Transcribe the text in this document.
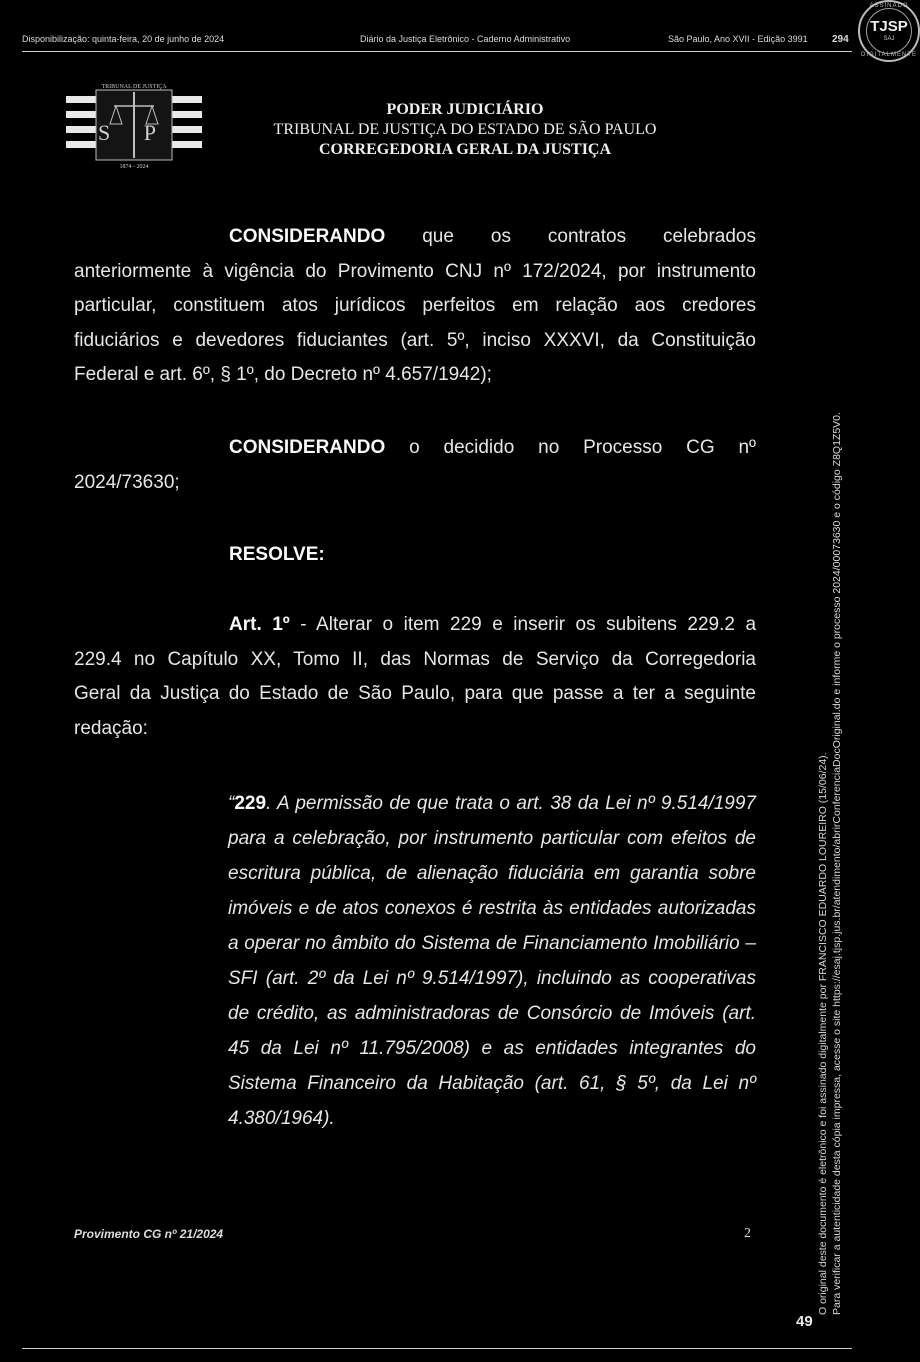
Disponibilização: quinta-feira, 20 de junho de 2024	Diário da Justiça Eletrônico - Caderno Administrativo	São Paulo, Ano XVII - Edição 3991 294
ASSINADO
TJSP
SAJ
DIGITALMENTE
TRIBUNAL DE JUSTIÇA
S P
1874 - 2024
PODER JUDICIÁRIO
TRIBUNAL DE JUSTIÇA DO ESTADO DE SÃO PAULO
CORREGEDORIA GERAL DA JUSTIÇA
CONSIDERANDO que os contratos celebrados
anteriormente à vigência do Provimento CNJ nº 172/2024, por instrumento
particular, constituem atos jurídicos perfeitos em relação aos credores
fiduciários e devedores fiduciantes (art. 5º, inciso XXXVI, da Constituição
Federal e art. 6º, § 1º, do Decreto nº 4.657/1942);
CONSIDERANDO o decidido no Processo CG nº
2024/73630;
RESOLVE:
Art. 1º - Alterar o item 229 e inserir os subitens 229.2 a
229.4 no Capítulo XX, Tomo II, das Normas de Serviço da Corregedoria
Geral da Justiça do Estado de São Paulo, para que passe a ter a seguinte
redação:
“229. A permissão de que trata o art. 38 da Lei nº 9.514/1997 para a celebração, por instrumento particular com efeitos de escritura pública, de alienação fiduciária em garantia sobre imóveis e de atos conexos é restrita às entidades autorizadas a operar no âmbito do Sistema de Financiamento Imobiliário – SFI (art. 2º da Lei nº 9.514/1997), incluindo as cooperativas de crédito, as administradoras de Consórcio de Imóveis (art. 45 da Lei nº 11.795/2008) e as entidades integrantes do Sistema Financeiro da Habitação (art. 61, § 5º, da Lei nº 4.380/1964).
Provimento CG nº 21/2024	2	O original deste documento é eletrônico e foi assinado digitalmente por FRANCISCO EDUARDO LOUREIRO (15/06/24). Para verificar a autenticidade desta cópia impressa, acesse o site https://esaj.tjsp.jus.br/atendimento/abrirConferenciaDocOriginal.do e informe o processo 2024/00073630 e o código Z8Q1Z5V0.
49
